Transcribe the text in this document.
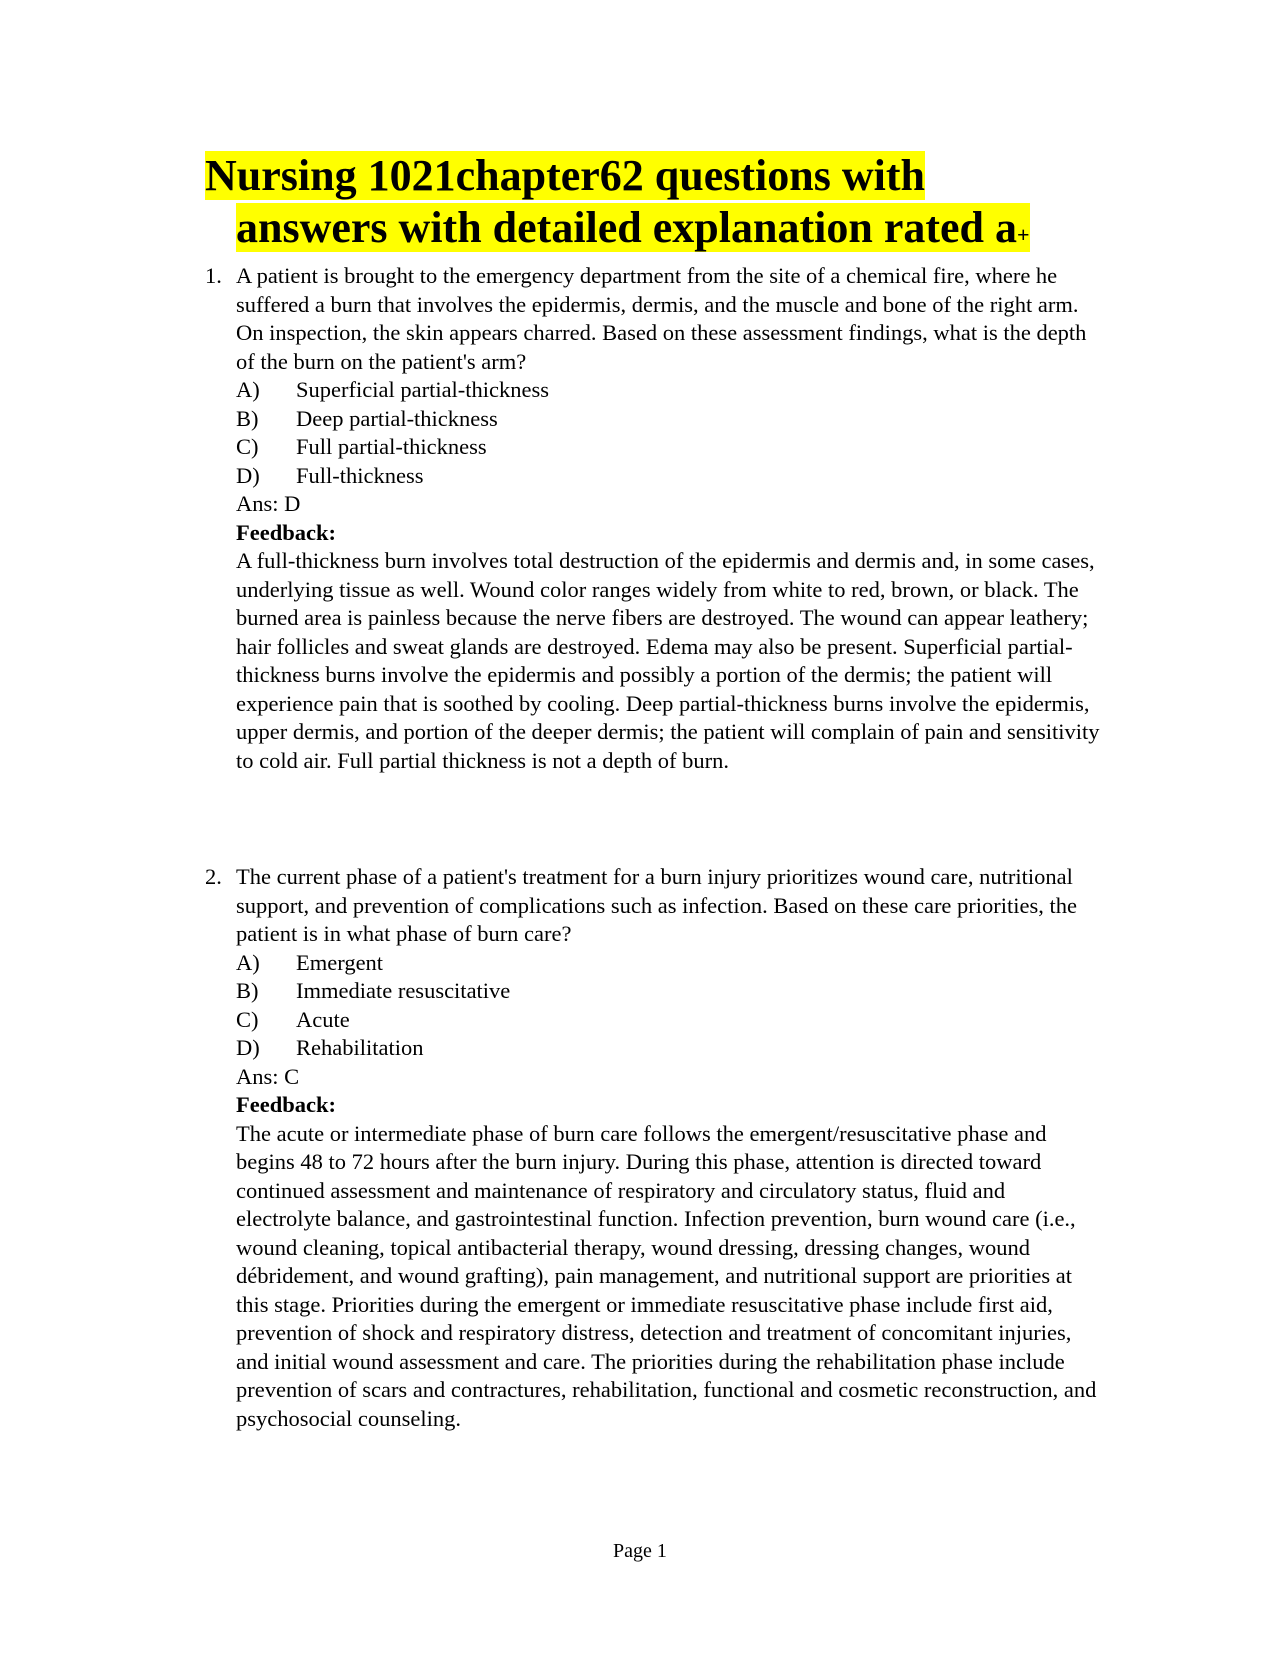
Nursing 1021chapter62 questions with
answers with detailed explanation rated a+
1. A patient is brought to the emergency department from the site of a chemical fire, where he suffered a burn that involves the epidermis, dermis, and the muscle and bone of the right arm. On inspection, the skin appears charred. Based on these assessment findings, what is the depth of the burn on the patient's arm?
A)	Superficial partial-thickness
B)	Deep partial-thickness
C)	Full partial-thickness
D)	Full-thickness
Ans: D
Feedback:
A full-thickness burn involves total destruction of the epidermis and dermis and, in some cases, underlying tissue as well. Wound color ranges widely from white to red, brown, or black. The burned area is painless because the nerve fibers are destroyed. The wound can appear leathery; hair follicles and sweat glands are destroyed. Edema may also be present. Superficial partial-thickness burns involve the epidermis and possibly a portion of the dermis; the patient will experience pain that is soothed by cooling. Deep partial-thickness burns involve the epidermis, upper dermis, and portion of the deeper dermis; the patient will complain of pain and sensitivity to cold air. Full partial thickness is not a depth of burn.
2. The current phase of a patient's treatment for a burn injury prioritizes wound care, nutritional support, and prevention of complications such as infection. Based on these care priorities, the patient is in what phase of burn care?
A)	Emergent
B)	Immediate resuscitative
C)	Acute
D)	Rehabilitation
Ans: C
Feedback:
The acute or intermediate phase of burn care follows the emergent/resuscitative phase and begins 48 to 72 hours after the burn injury. During this phase, attention is directed toward continued assessment and maintenance of respiratory and circulatory status, fluid and electrolyte balance, and gastrointestinal function. Infection prevention, burn wound care (i.e., wound cleaning, topical antibacterial therapy, wound dressing, dressing changes, wound débridement, and wound grafting), pain management, and nutritional support are priorities at this stage. Priorities during the emergent or immediate resuscitative phase include first aid, prevention of shock and respiratory distress, detection and treatment of concomitant injuries, and initial wound assessment and care. The priorities during the rehabilitation phase include prevention of scars and contractures, rehabilitation, functional and cosmetic reconstruction, and psychosocial counseling.
Page 1
